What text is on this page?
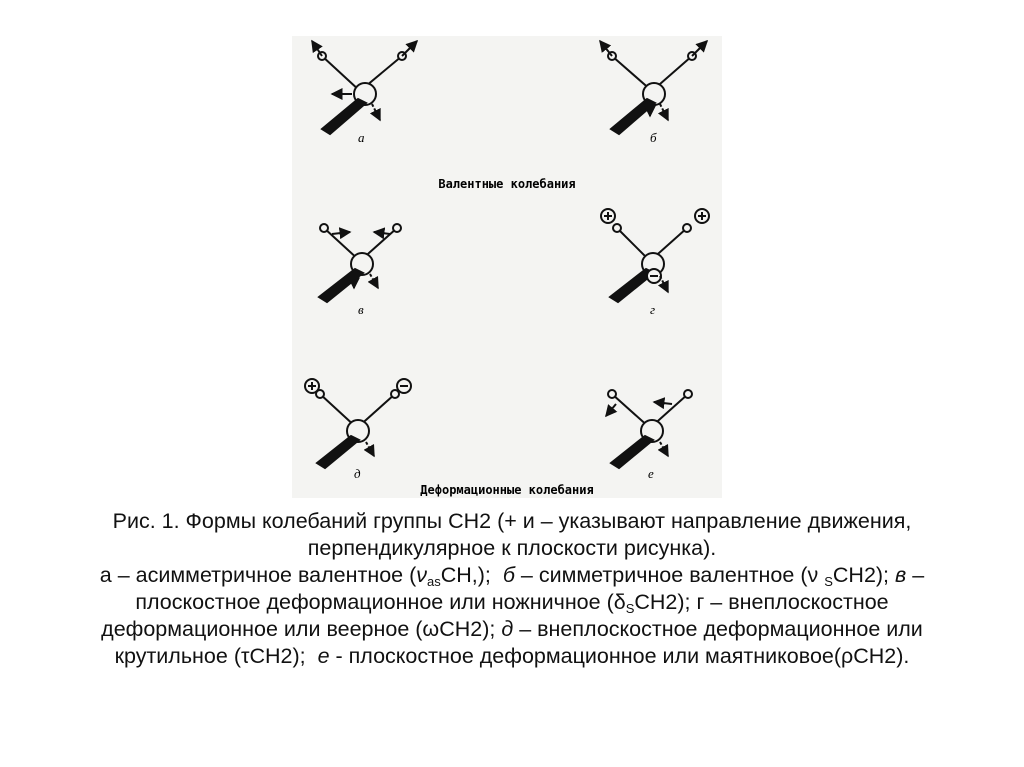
а	б
в	г
д	е
Валентные колебания
Деформационные колебания
Рис. 1. Формы колебаний группы CH2 (+ и – указывают направление движения,
перпендикулярное к плоскости рисунка).
а – асимметричное валентное $(\nu_{as}CH,)$; б – симметричное валентное (ν $_S$CH2); в –
плоскостное деформационное или ножничное $(\delta_SCH2)$; г – внеплоскостное
деформационное или веерное (ωCH2); д – внеплоскостное деформационное или
крутильное (τCH2); е - плоскостное деформационное или маятниковое(ρCH2).
